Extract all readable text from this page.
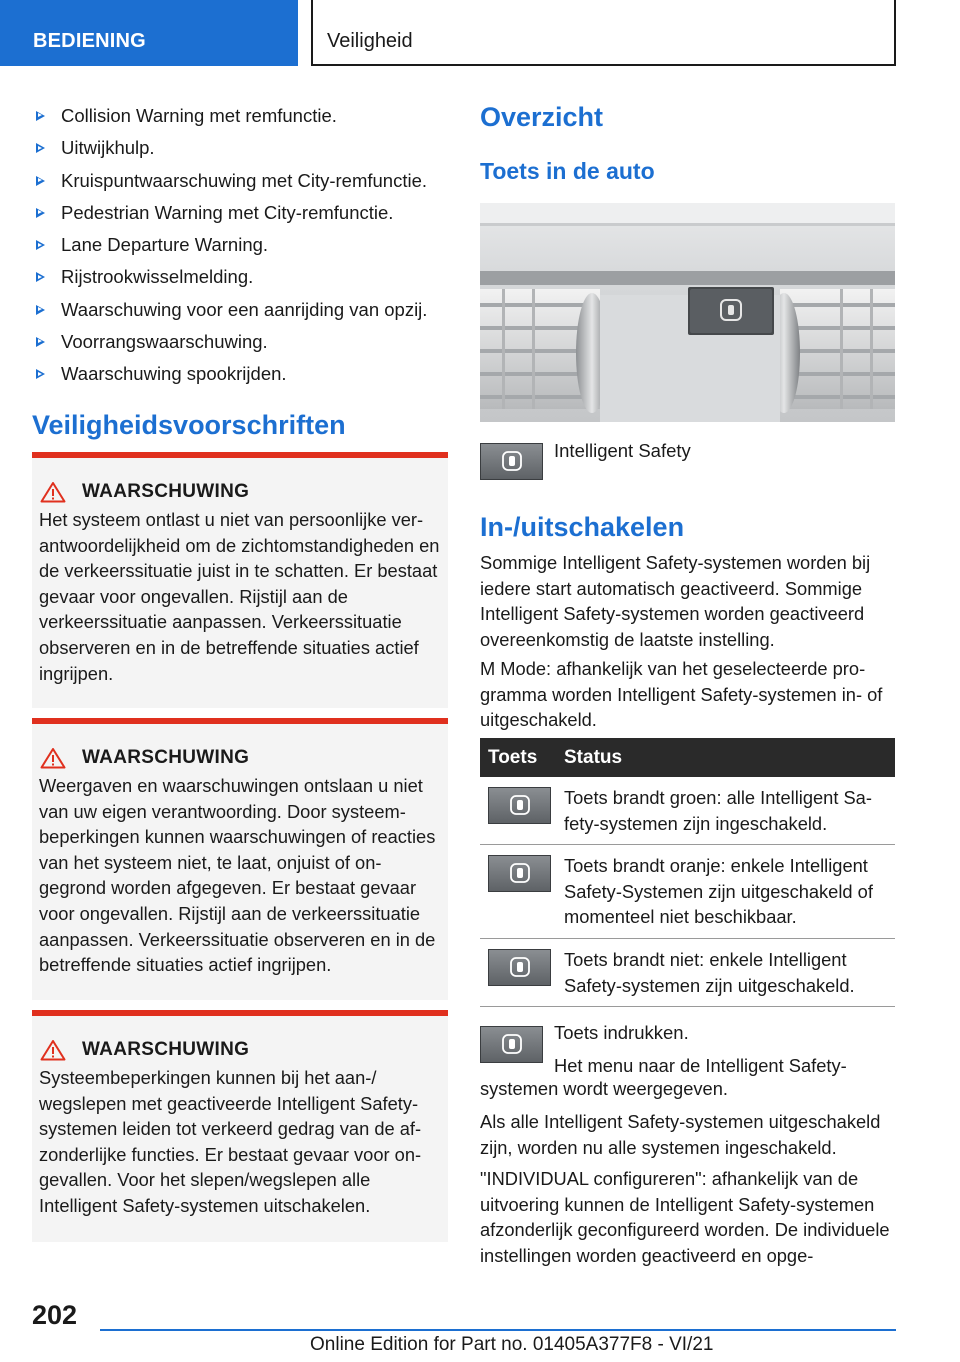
BEDIENING	Veiligheid
Collision Warning met remfunctie.
Uitwijkhulp.
Kruispuntwaarschuwing met City-remfunctie.
Pedestrian Warning met City-remfunctie.
Lane Departure Warning.
Rijstrookwisselmelding.
Waarschuwing voor een aanrijding van opzij.
Voorrangswaarschuwing.
Waarschuwing spookrijden.
Veiligheidsvoorschriften
WAARSCHUWING

Het systeem ontlast u niet van persoonlijke verantwoordelijkheid om de zichtomstandigheden en de verkeerssituatie juist in te schatten. Er bestaat gevaar voor ongevallen. Rijstijl aan de verkeerssituatie aanpassen. Verkeerssituatie observeren en in de betreffende situaties actief ingrijpen.

WAARSCHUWING

Weergaven en waarschuwingen ontslaan u niet van uw eigen verantwoording. Door systeembeperkingen kunnen waarschuwingen of reacties van het systeem niet, te laat, onjuist of ongegrond worden afgegeven. Er bestaat gevaar voor ongevallen. Rijstijl aan de verkeerssituatie aanpassen. Verkeerssituatie observeren en in de betreffende situaties actief ingrijpen.

WAARSCHUWING

Systeembeperkingen kunnen bij het aan-/ wegslepen met geactiveerde Intelligent Safety-systemen leiden tot verkeerd gedrag van de afzonderlijke functies. Er bestaat gevaar voor ongevallen. Voor het slepen/wegslepen alle Intelligent Safety-systemen uitschakelen.

Overzicht
Toets in de auto
Intelligent Safety
In-/uitschakelen

Sommige Intelligent Safety-systemen worden bij iedere start automatisch geactiveerd. Sommige Intelligent Safety-systemen worden geactiveerd overeenkomstig de laatste instelling.

M Mode: afhankelijk van het geselecteerde programma worden Intelligent Safety-systemen in- of uitgeschakeld.

Toets	Status

	Toets brandt groen: alle Intelligent Safety-systemen zijn ingeschakeld.

	Toets brandt oranje: enkele Intelligent Safety-Systemen zijn uitgeschakeld of momenteel niet beschikbaar.

	Toets brandt niet: enkele Intelligent Safety-systemen zijn uitgeschakeld.
Toets indrukken.
Het menu naar de Intelligent Safety-
systemen wordt weergegeven.

Als alle Intelligent Safety-systemen uitgeschakeld zijn, worden nu alle systemen ingeschakeld.

"INDIVIDUAL configureren": afhankelijk van de uitvoering kunnen de Intelligent Safety-systemen afzonderlijk geconfigureerd worden. De individuele instellingen worden geactiveerd en opge-

202
Online Edition for Part no. 01405A377F8 - VI/21
